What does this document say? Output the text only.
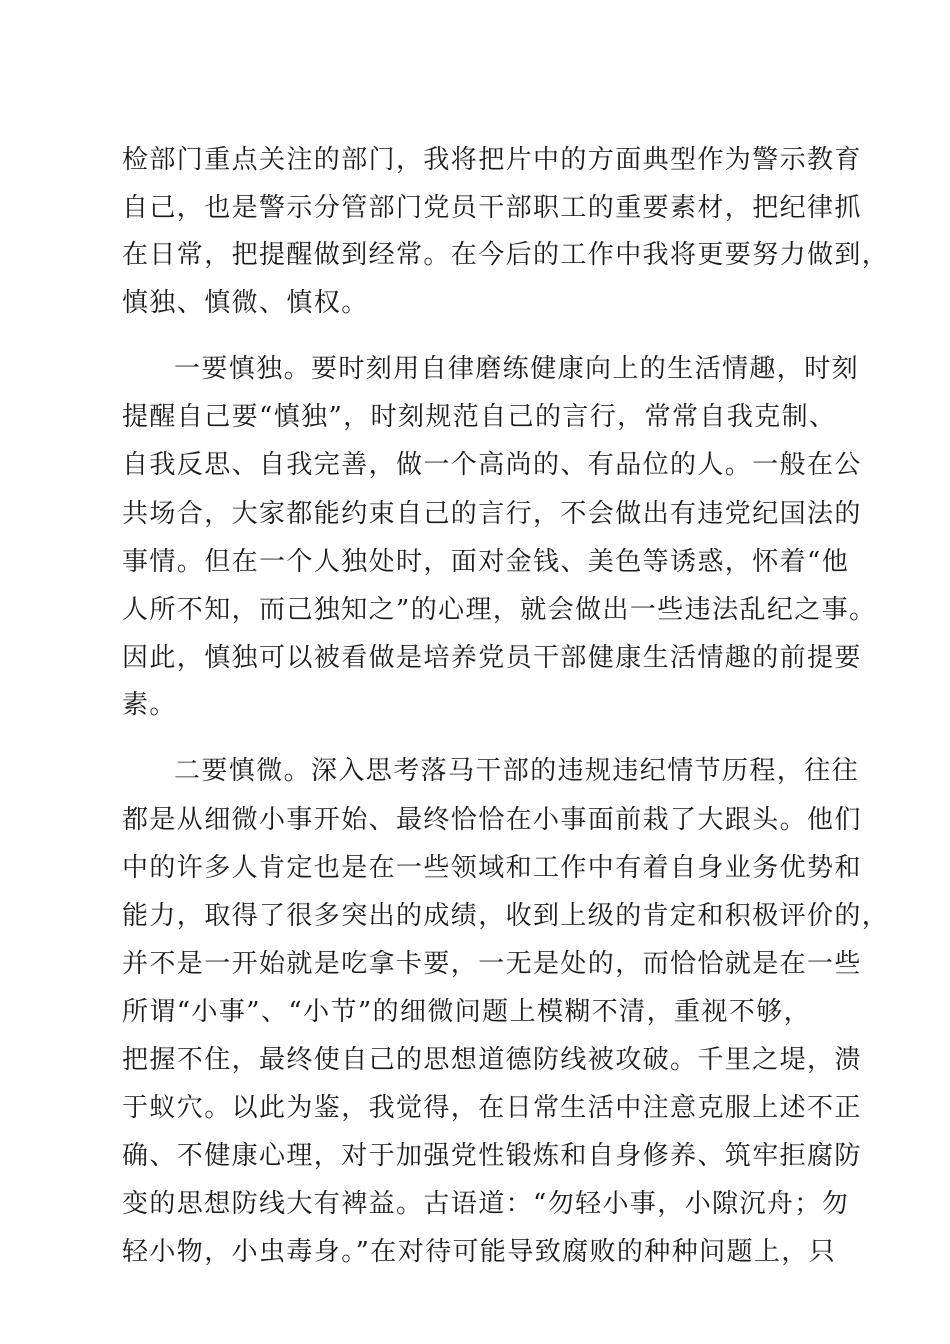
检部门重点关注的部门，我将把片中的方面典型作为警示教育

自己，也是警示分管部门党员干部职工的重要素材，把纪律抓

在日常，把提醒做到经常。在今后的工作中我将更要努力做到，

慎独、慎微、慎权。

一要慎独。要时刻用自律磨练健康向上的生活情趣，时刻

提醒自己要“慎独”，时刻规范自己的言行，常常自我克制、

自我反思、自我完善，做一个高尚的、有品位的人。一般在公

共场合，大家都能约束自己的言行，不会做出有违党纪国法的

事情。但在一个人独处时，面对金钱、美色等诱惑，怀着“他

人所不知，而己独知之”的心理，就会做出一些违法乱纪之事。

因此，慎独可以被看做是培养党员干部健康生活情趣的前提要

素。

二要慎微。深入思考落马干部的违规违纪情节历程，往往

都是从细微小事开始、最终恰恰在小事面前栽了大跟头。他们

中的许多人肯定也是在一些领域和工作中有着自身业务优势和

能力，取得了很多突出的成绩，收到上级的肯定和积极评价的，

并不是一开始就是吃拿卡要，一无是处的，而恰恰就是在一些

所谓“小事”、“小节”的细微问题上模糊不清，重视不够，

把握不住，最终使自己的思想道德防线被攻破。千里之堤，溃

于蚁穴。以此为鉴，我觉得，在日常生活中注意克服上述不正

确、不健康心理，对于加强党性锻炼和自身修养、筑牢拒腐防

变的思想防线大有裨益。古语道：“勿轻小事，小隙沉舟；勿

轻小物，小虫毒身。”在对待可能导致腐败的种种问题上，只
